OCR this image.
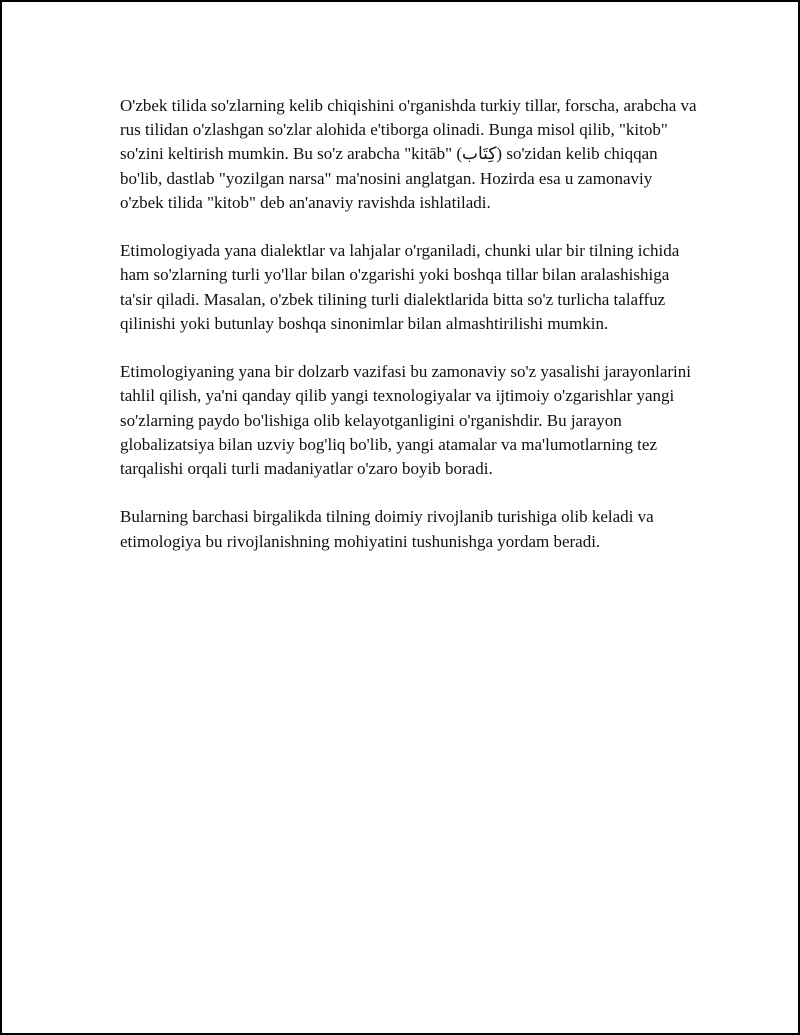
O'zbek tilida so'zlarning kelib chiqishini o'rganishda turkiy tillar, forscha, arabcha va rus tilidan o'zlashgan so'zlar alohida e'tiborga olinadi. Bunga misol qilib, "kitob" so'zini keltirish mumkin. Bu so'z arabcha "kitāb" (كِتَاب) so'zidan kelib chiqqan bo'lib, dastlab "yozilgan narsa" ma'nosini anglatgan. Hozirda esa u zamonaviy o'zbek tilida "kitob" deb an'anaviy ravishda ishlatiladi.

Etimologiyada yana dialektlar va lahjalar o'rganiladi, chunki ular bir tilning ichida ham so'zlarning turli yo'llar bilan o'zgarishi yoki boshqa tillar bilan aralashishiga ta'sir qiladi. Masalan, o'zbek tilining turli dialektlarida bitta so'z turlicha talaffuz qilinishi yoki butunlay boshqa sinonimlar bilan almashtirilishi mumkin.

Etimologiyaning yana bir dolzarb vazifasi bu zamonaviy so'z yasalishi jarayonlarini tahlil qilish, ya'ni qanday qilib yangi texnologiyalar va ijtimoiy o'zgarishlar yangi so'zlarning paydo bo'lishiga olib kelayotganligini o'rganishdir. Bu jarayon globalizatsiya bilan uzviy bog'liq bo'lib, yangi atamalar va ma'lumotlarning tez tarqalishi orqali turli madaniyatlar o'zaro boyib boradi.

Bularning barchasi birgalikda tilning doimiy rivojlanib turishiga olib keladi va etimologiya bu rivojlanishning mohiyatini tushunishga yordam beradi.
